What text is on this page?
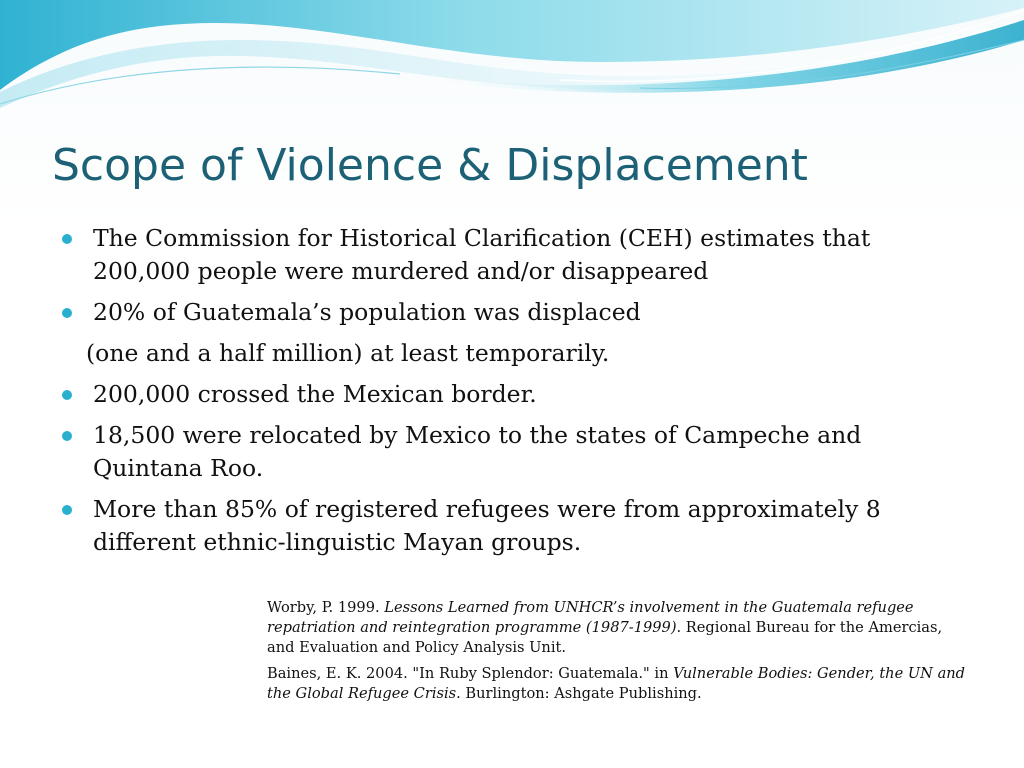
Scope of Violence & Displacement
The Commission for Historical Clarification (CEH) estimates that 200,000 people were murdered and/or disappeared
20% of Guatemala’s population was displaced
(one and a half million) at least temporarily.
200,000 crossed the Mexican border.
18,500 were relocated by Mexico to the states of Campeche and Quintana Roo.
More than 85% of registered refugees were from approximately 8 different ethnic-linguistic Mayan groups.

Worby, P. 1999. Lessons Learned from UNHCR’s involvement in the Guatemala refugee repatriation and reintegration programme (1987-1999). Regional Bureau for the Amercias, and Evaluation and Policy Analysis Unit.

Baines, E. K. 2004. "In Ruby Splendor: Guatemala." in Vulnerable Bodies: Gender, the UN and the Global Refugee Crisis. Burlington: Ashgate Publishing.
